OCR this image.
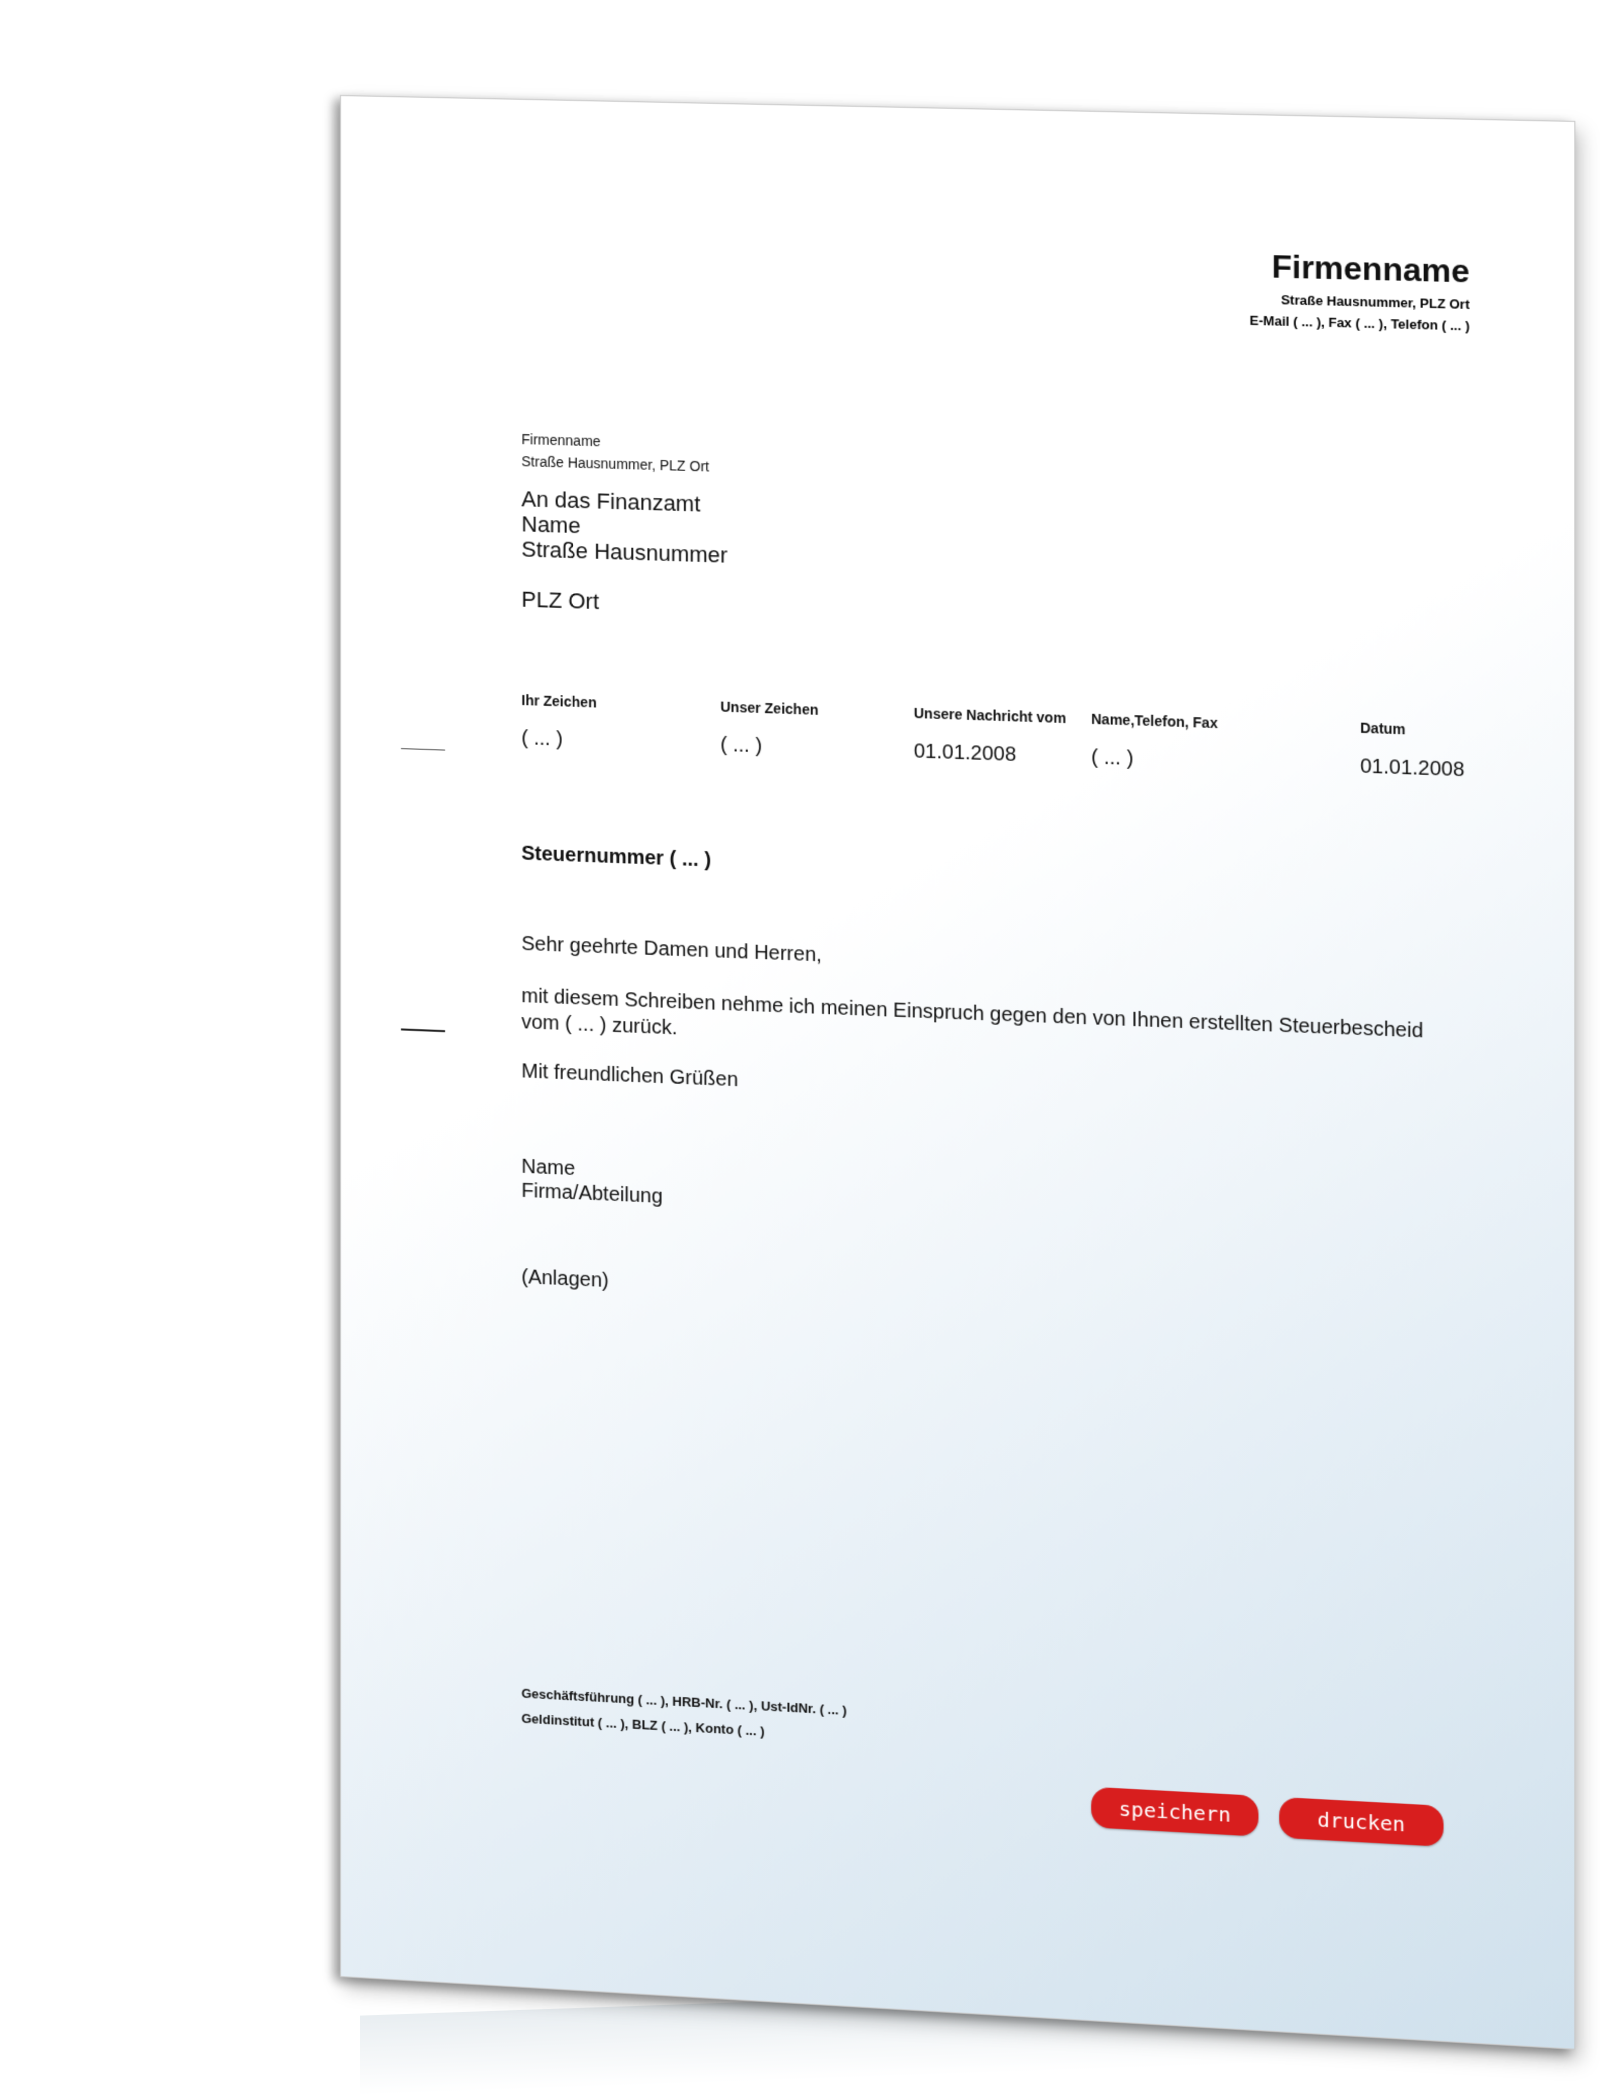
Firmenname
Straße Hausnummer, PLZ Ort
E-Mail ( ... ), Fax ( ... ), Telefon ( ... )
Firmenname
Straße Hausnummer, PLZ Ort
An das Finanzamt
Name
Straße Hausnummer
PLZ Ort
Ihr Zeichen
( ... )
Unser Zeichen
( ... )
Unsere Nachricht vom
01.01.2008
Name,Telefon, Fax
( ... )
Datum
01.01.2008
Steuernummer ( ... )
Sehr geehrte Damen und Herren,
mit diesem Schreiben nehme ich meinen Einspruch gegen den von Ihnen erstellten Steuerbescheid vom ( ... ) zurück.
Mit freundlichen Grüßen
Name
Firma/Abteilung
(Anlagen)
Geschäftsführung ( ... ), HRB-Nr. ( ... ), Ust-IdNr. ( ... )
Geldinstitut ( ... ), BLZ ( ... ), Konto ( ... )
speichern	drucken
